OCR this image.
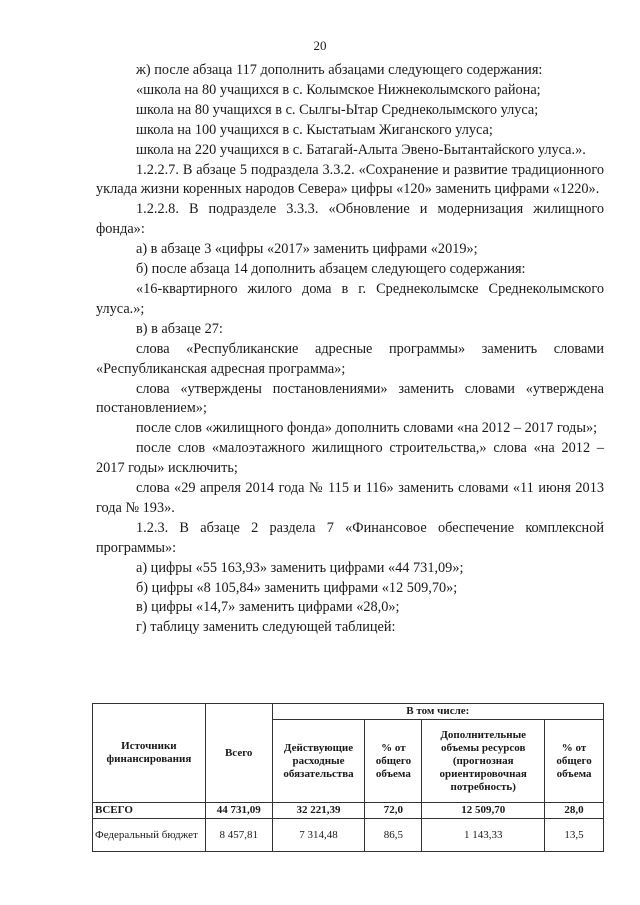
20

ж) после абзаца 117 дополнить абзацами следующего содержания:

«школа на 80 учащихся в с. Колымское Нижнеколымского района;

школа на 80 учащихся в с. Сылгы-Ытар Среднеколымского улуса;

школа на 100 учащихся в с. Кыстатыам Жиганского улуса;

школа на 220 учащихся в с. Батагай-Алыта Эвено-Бытантайского улуса.».

1.2.2.7. В абзаце 5 подраздела 3.3.2. «Сохранение и развитие традиционного уклада жизни коренных народов Севера» цифры «120» заменить цифрами «1220».

1.2.2.8. В подразделе 3.3.3. «Обновление и модернизация жилищного фонда»:

а) в абзаце 3 «цифры «2017» заменить цифрами «2019»;

б) после абзаца 14 дополнить абзацем следующего содержания:

«16-квартирного жилого дома в г. Среднеколымске Среднеколымского улуса.»;

в) в абзаце 27:

слова «Республиканские адресные программы» заменить словами «Республиканская адресная программа»;

слова «утверждены постановлениями» заменить словами «утверждена постановлением»;

после слов «жилищного фонда» дополнить словами «на 2012 – 2017 годы»;

после слов «малоэтажного жилищного строительства,» слова «на 2012 – 2017 годы» исключить;

слова «29 апреля 2014 года № 115 и 116» заменить словами «11 июня 2013 года № 193».

1.2.3. В абзаце 2 раздела 7 «Финансовое обеспечение комплексной программы»:

а) цифры «55 163,93» заменить цифрами «44 731,09»;

б) цифры «8 105,84» заменить цифрами «12 509,70»;

в) цифры «14,7» заменить цифрами «28,0»;

г) таблицу заменить следующей таблицей:

Источники финансирования	Всего	В том числе:			
		Действующие расходные обязательства	% от общего объема	Дополнительные объемы ресурсов (прогнозная ориентировочная потребность)	% от общего объема
ВСЕГО	44 731,09	32 221,39	72,0	12 509,70	28,0
Федеральный бюджет	8 457,81	7 314,48	86,5	1 143,33	13,5
